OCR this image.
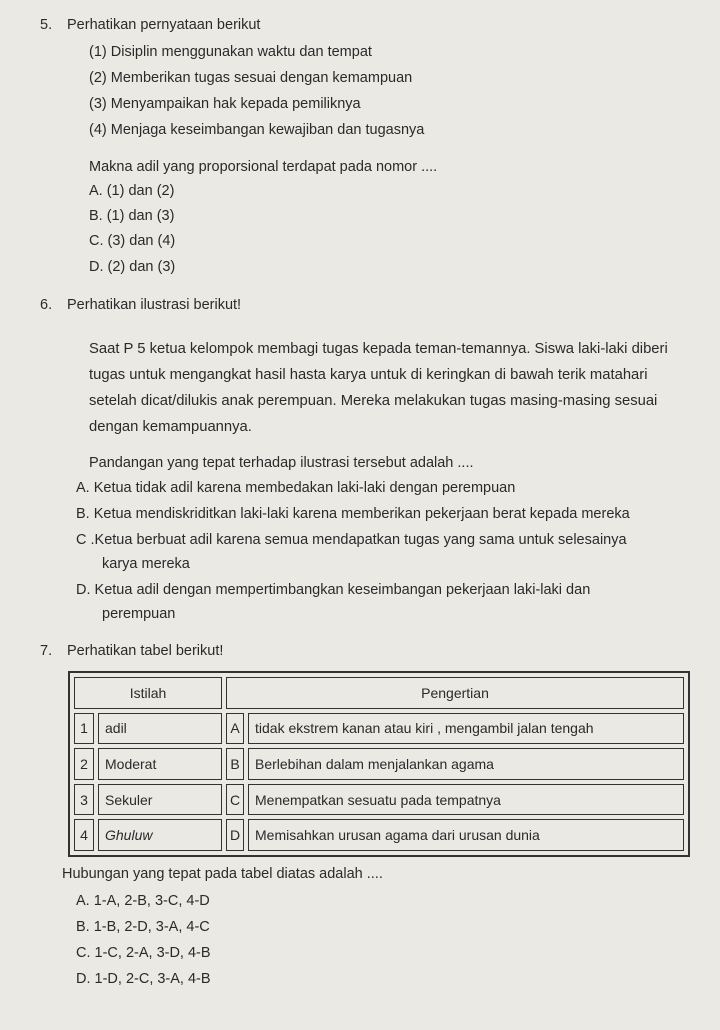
5. Perhatikan pernyataan berikut
(1) Disiplin menggunakan waktu dan tempat
(2) Memberikan tugas sesuai dengan kemampuan
(3) Menyampaikan hak kepada pemiliknya
(4) Menjaga keseimbangan kewajiban dan tugasnya
Makna adil yang proporsional terdapat pada nomor ....
A. (1) dan (2)
B. (1) dan (3)
C. (3) dan (4)
D. (2) dan (3)
6. Perhatikan ilustrasi berikut!
Saat P 5 ketua kelompok membagi tugas kepada teman-temannya. Siswa laki-laki diberi
tugas untuk mengangkat hasil hasta karya untuk di keringkan di bawah terik matahari
setelah dicat/dilukis anak perempuan. Mereka melakukan tugas masing-masing sesuai
dengan kemampuannya.
Pandangan yang tepat terhadap ilustrasi tersebut adalah ....
A. Ketua tidak adil karena membedakan laki-laki dengan perempuan
B. Ketua mendiskriditkan laki-laki karena memberikan pekerjaan berat kepada mereka
C .Ketua berbuat adil karena semua mendapatkan tugas yang sama untuk selesainya
karya mereka
D. Ketua adil dengan mempertimbangkan keseimbangan pekerjaan laki-laki dan
perempuan
7. Perhatikan tabel berikut!
Istilah		Pengertian	
1	adil	A	tidak ekstrem kanan atau kiri , mengambil jalan tengah
2	Moderat	B	Berlebihan dalam menjalankan agama
3	Sekuler	C	Menempatkan sesuatu pada tempatnya
4	Ghuluw	D	Memisahkan urusan agama dari urusan dunia
Hubungan yang tepat pada tabel diatas adalah ....
A. 1-A, 2-B, 3-C, 4-D
B. 1-B, 2-D, 3-A, 4-C
C. 1-C, 2-A, 3-D, 4-B
D. 1-D, 2-C, 3-A, 4-B
